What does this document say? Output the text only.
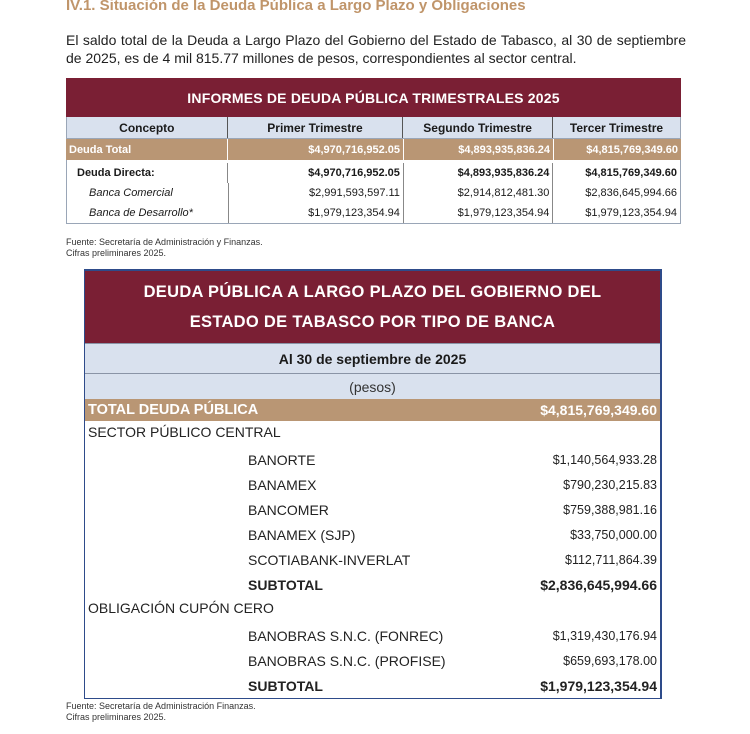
IV.1. Situación de la Deuda Pública a Largo Plazo y Obligaciones
El saldo total de la Deuda a Largo Plazo del Gobierno del Estado de Tabasco, al 30 de septiembre de 2025, es de 4 mil 815.77 millones de pesos, correspondientes al sector central.
INFORMES DE DEUDA PÚBLICA TRIMESTRALES 2025
Concepto	Primer Trimestre	Segundo Trimestre	Tercer Trimestre
Deuda Total	$4,970,716,952.05	$4,893,935,836.24	$4,815,769,349.60
Deuda Directa:	$4,970,716,952.05	$4,893,935,836.24	$4,815,769,349.60
Banca Comercial	$2,991,593,597.11	$2,914,812,481.30	$2,836,645,994.66
Banca de Desarrollo*	$1,979,123,354.94	$1,979,123,354.94	$1,979,123,354.94
Fuente: Secretaría de Administración y Finanzas.
Cifras preliminares 2025.
DEUDA PÚBLICA A LARGO PLAZO DEL GOBIERNO DEL
ESTADO DE TABASCO POR TIPO DE BANCA
Al 30 de septiembre de 2025
(pesos)
TOTAL DEUDA PÚBLICA	$4,815,769,349.60
SECTOR PÚBLICO CENTRAL
BANORTE	$1,140,564,933.28
BANAMEX	$790,230,215.83
BANCOMER	$759,388,981.16
BANAMEX (SJP)	$33,750,000.00
SCOTIABANK-INVERLAT	$112,711,864.39
SUBTOTAL	$2,836,645,994.66
OBLIGACIÓN CUPÓN CERO
BANOBRAS S.N.C. (FONREC)	$1,319,430,176.94
BANOBRAS S.N.C. (PROFISE)	$659,693,178.00
SUBTOTAL	$1,979,123,354.94
Fuente: Secretaría de Administración Finanzas.
Cifras preliminares 2025.
